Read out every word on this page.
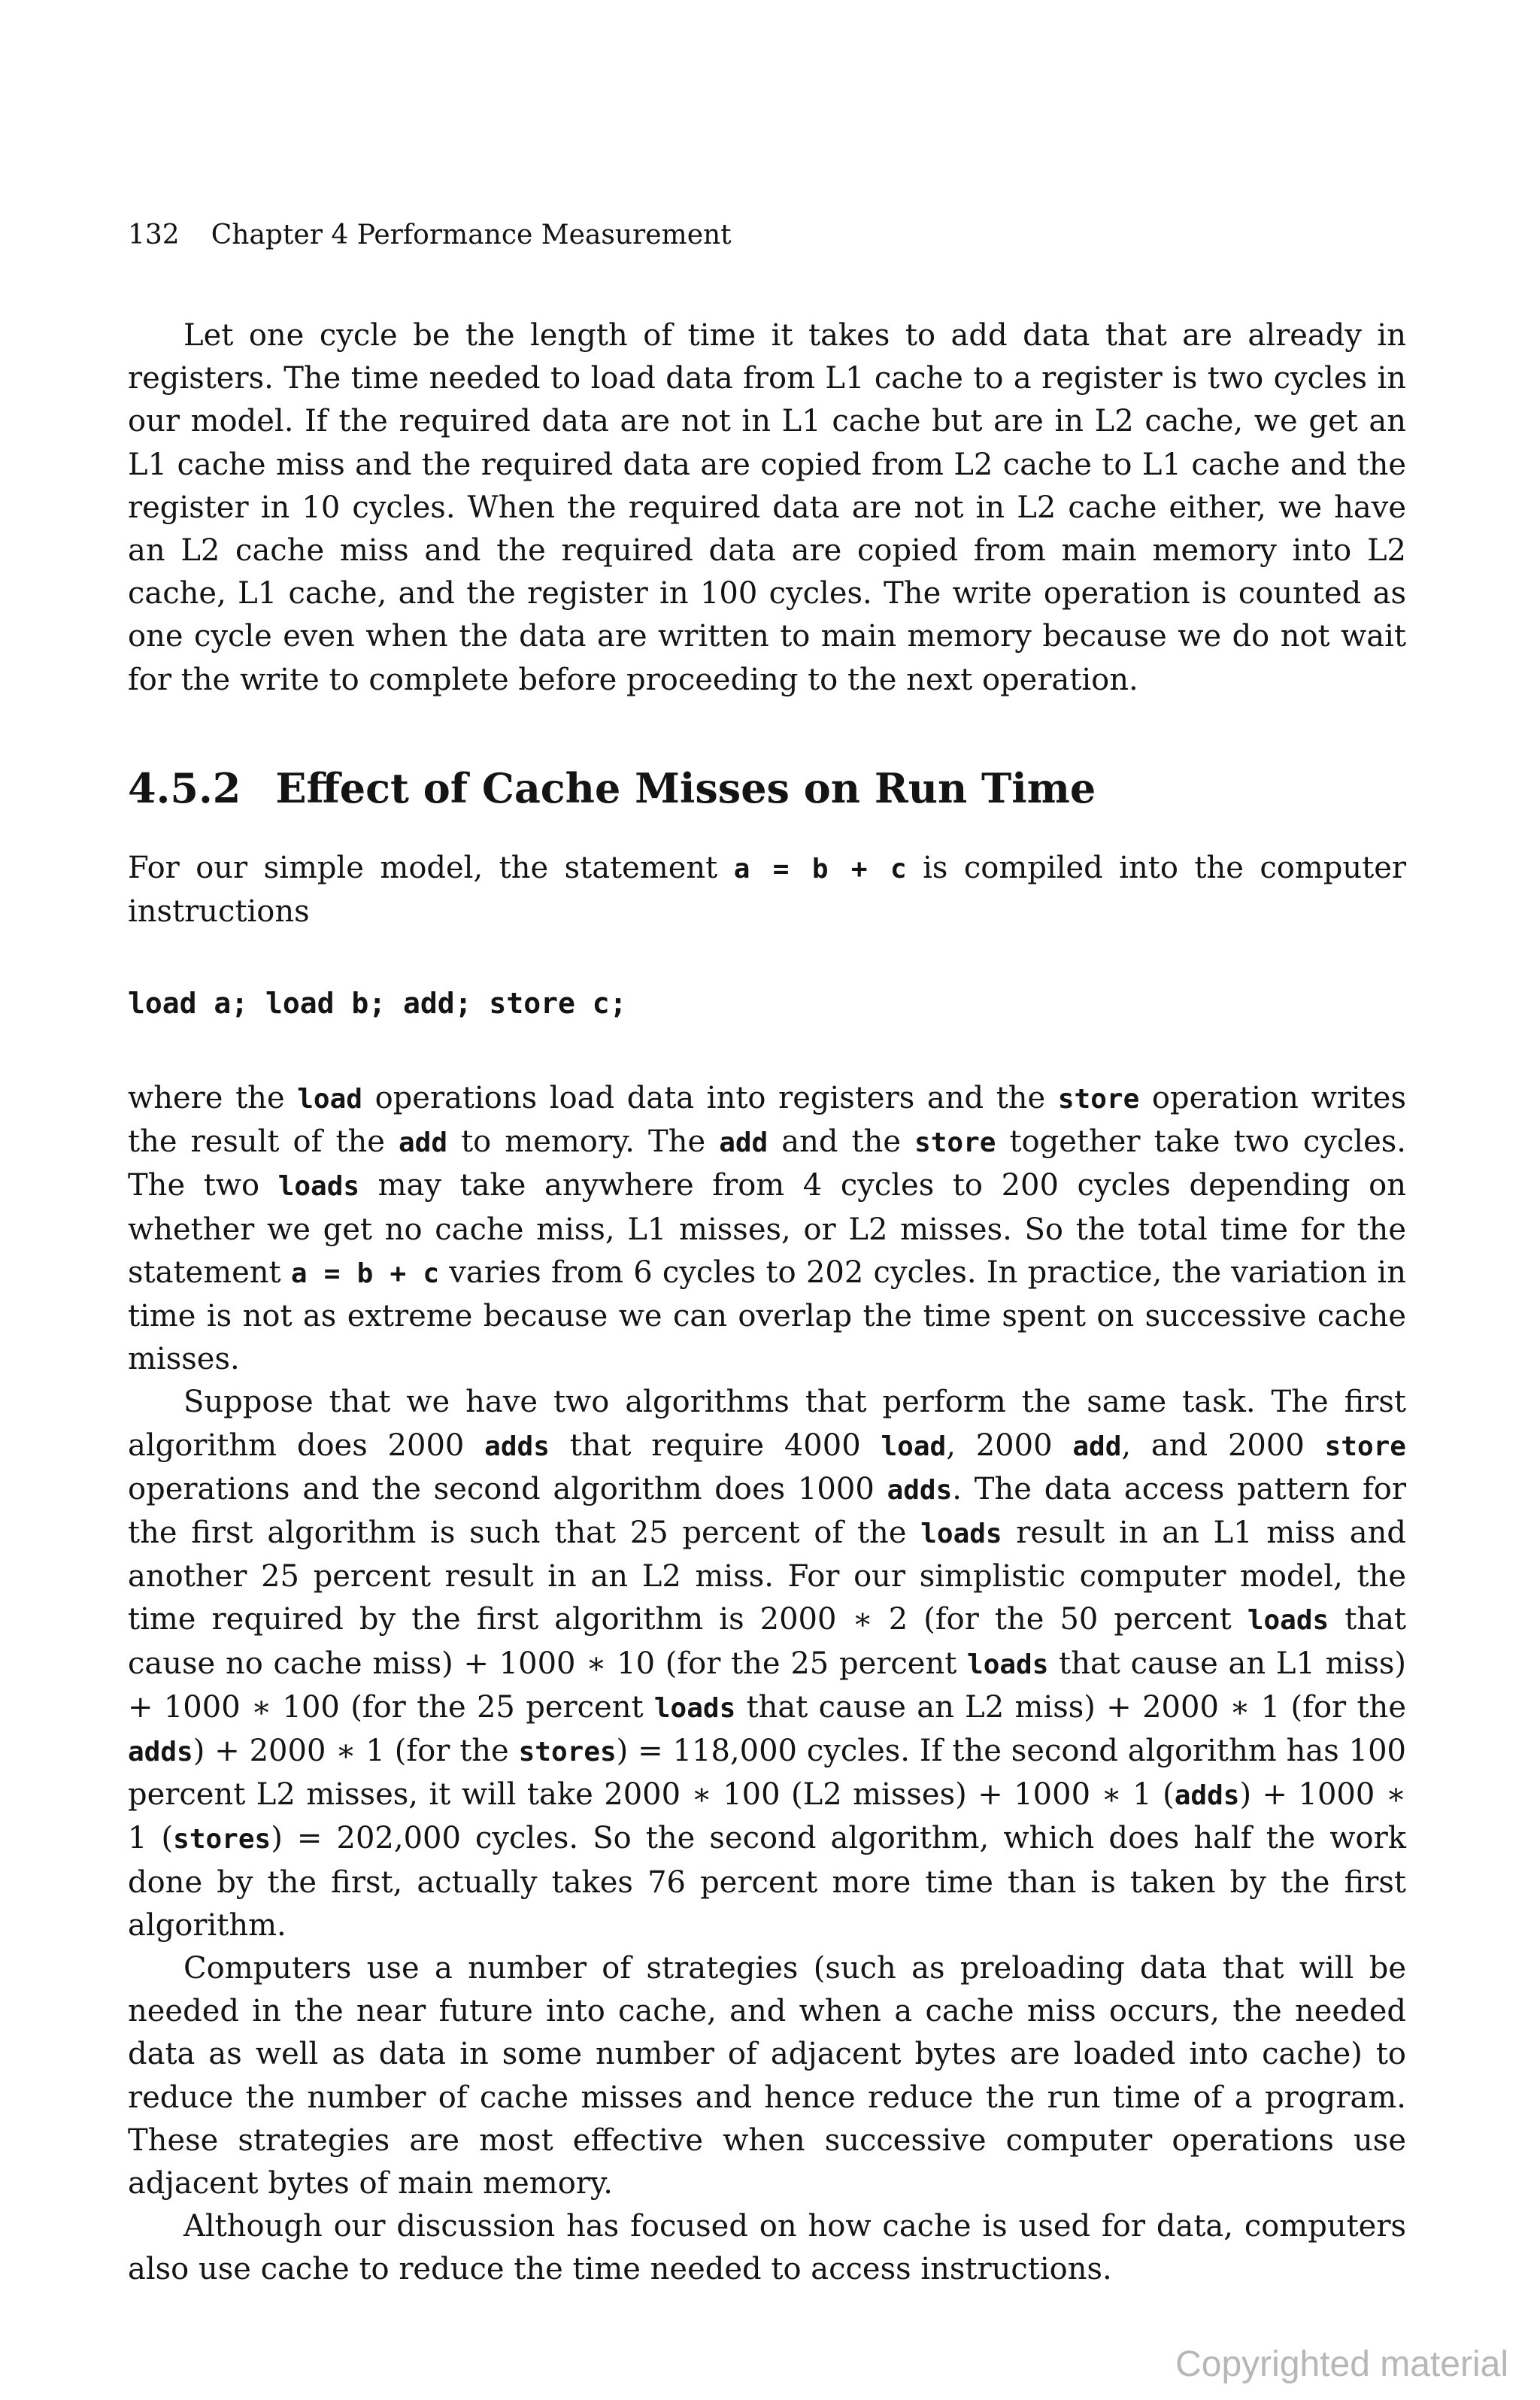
132 Chapter 4 Performance Measurement

Let one cycle be the length of time it takes to add data that are already in registers. The time needed to load data from L1 cache to a register is two cycles in our model. If the required data are not in L1 cache but are in L2 cache, we get an L1 cache miss and the required data are copied from L2 cache to L1 cache and the register in 10 cycles. When the required data are not in L2 cache either, we have an L2 cache miss and the required data are copied from main memory into L2 cache, L1 cache, and the register in 100 cycles. The write operation is counted as one cycle even when the data are written to main memory because we do not wait for the write to complete before proceeding to the next operation.

4.5.2 Effect of Cache Misses on Run Time

For our simple model, the statement a = b + c is compiled into the computer instructions

load a; load b; add; store c;

where the load operations load data into registers and the store operation writes the result of the add to memory. The add and the store together take two cycles. The two loads may take anywhere from 4 cycles to 200 cycles depending on whether we get no cache miss, L1 misses, or L2 misses. So the total time for the statement a = b + c varies from 6 cycles to 202 cycles. In practice, the variation in time is not as extreme because we can overlap the time spent on successive cache misses.

Suppose that we have two algorithms that perform the same task. The first algorithm does 2000 adds that require 4000 load, 2000 add, and 2000 store operations and the second algorithm does 1000 adds. The data access pattern for the first algorithm is such that 25 percent of the loads result in an L1 miss and another 25 percent result in an L2 miss. For our simplistic computer model, the time required by the first algorithm is 2000 ∗ 2 (for the 50 percent loads that cause no cache miss) + 1000 ∗ 10 (for the 25 percent loads that cause an L1 miss) + 1000 ∗ 100 (for the 25 percent loads that cause an L2 miss) + 2000 ∗ 1 (for the adds) + 2000 ∗ 1 (for the stores) = 118,000 cycles. If the second algorithm has 100 percent L2 misses, it will take 2000 ∗ 100 (L2 misses) + 1000 ∗ 1 (adds) + 1000 ∗ 1 (stores) = 202,000 cycles. So the second algorithm, which does half the work done by the first, actually takes 76 percent more time than is taken by the first algorithm.

Computers use a number of strategies (such as preloading data that will be needed in the near future into cache, and when a cache miss occurs, the needed data as well as data in some number of adjacent bytes are loaded into cache) to reduce the number of cache misses and hence reduce the run time of a program. These strategies are most effective when successive computer operations use adjacent bytes of main memory.

Although our discussion has focused on how cache is used for data, computers also use cache to reduce the time needed to access instructions.

Copyrighted material
